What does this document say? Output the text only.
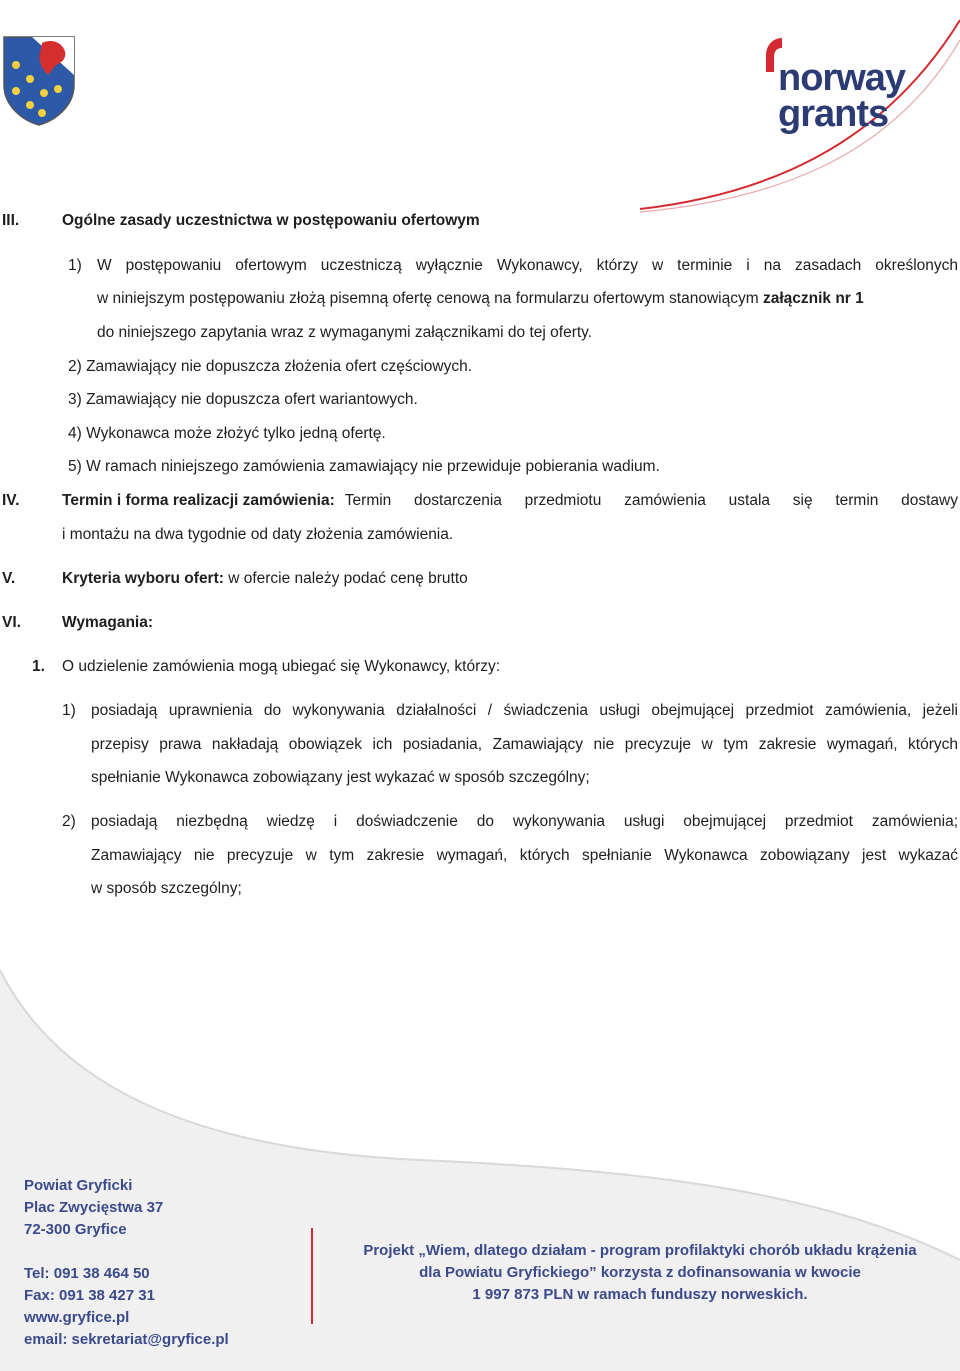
norway
grants
III.	Ogólne zasady uczestnictwa w postępowaniu ofertowym
1) W postępowaniu ofertowym uczestniczą wyłącznie Wykonawcy, którzy w terminie i na zasadach określonych
w niniejszym postępowaniu złożą pisemną ofertę cenową na formularzu ofertowym stanowiącym załącznik nr 1
do niniejszego zapytania wraz z wymaganymi załącznikami do tej oferty.
2) Zamawiający nie dopuszcza złożenia ofert częściowych.
3) Zamawiający nie dopuszcza ofert wariantowych.
4) Wykonawca może złożyć tylko jedną ofertę.
5) W ramach niniejszego zamówienia zamawiający nie przewiduje pobierania wadium.
IV.	Termin i forma realizacji zamówienia: Termin dostarczenia przedmiotu zamówienia ustala się termin dostawy
i montażu na dwa tygodnie od daty złożenia zamówienia.
V.	Kryteria wyboru ofert: w ofercie należy podać cenę brutto
VI.	Wymagania:
1. O udzielenie zamówienia mogą ubiegać się Wykonawcy, którzy:
1) posiadają uprawnienia do wykonywania działalności / świadczenia usługi obejmującej przedmiot zamówienia, jeżeli
przepisy prawa nakładają obowiązek ich posiadania, Zamawiający nie precyzuje w tym zakresie wymagań, których
spełnianie Wykonawca zobowiązany jest wykazać w sposób szczególny;
2) posiadają niezbędną wiedzę i doświadczenie do wykonywania usługi obejmującej przedmiot zamówienia;
Zamawiający nie precyzuje w tym zakresie wymagań, których spełnianie Wykonawca zobowiązany jest wykazać
w sposób szczególny;
Powiat Gryficki
Plac Zwycięstwa 37
72-300 Gryfice
Tel: 091 38 464 50
Fax: 091 38 427 31
www.gryfice.pl
email: sekretariat@gryfice.pl
Projekt „Wiem, dlatego działam - program profilaktyki chorób układu krążenia
dla Powiatu Gryfickiego” korzysta z dofinansowania w kwocie
1 997 873 PLN w ramach funduszy norweskich.
